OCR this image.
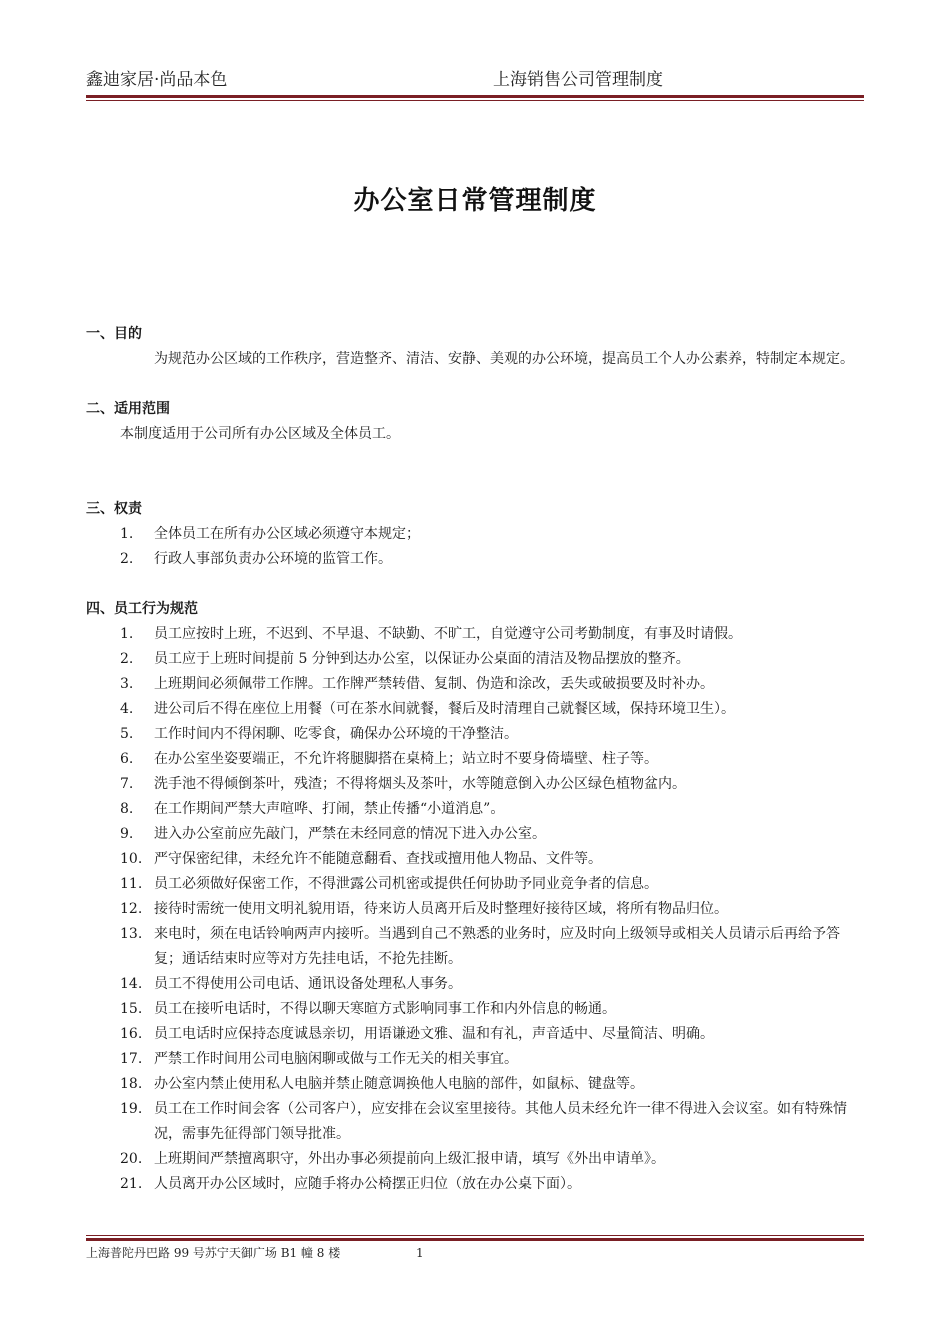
鑫迪家居·尚品本色	上海销售公司管理制度
办公室日常管理制度

一、目的

为规范办公区域的工作秩序，营造整齐、清洁、安静、美观的办公环境，提高员工个人办公素养，特制定本规定。

二、适用范围

本制度适用于公司所有办公区域及全体员工。

三、权责

1.	全体员工在所有办公区域必须遵守本规定；
2.	行政人事部负责办公环境的监管工作。

四、员工行为规范

1.	员工应按时上班，不迟到、不早退、不缺勤、不旷工，自觉遵守公司考勤制度，有事及时请假。
2.	员工应于上班时间提前 5 分钟到达办公室，以保证办公桌面的清洁及物品摆放的整齐。
3.	上班期间必须佩带工作牌。工作牌严禁转借、复制、伪造和涂改，丢失或破损要及时补办。
4.	进公司后不得在座位上用餐（可在茶水间就餐，餐后及时清理自己就餐区域，保持环境卫生）。
5.	工作时间内不得闲聊、吃零食，确保办公环境的干净整洁。
6.	在办公室坐姿要端正，不允许将腿脚搭在桌椅上；站立时不要身倚墙壁、柱子等。
7.	洗手池不得倾倒茶叶，残渣；不得将烟头及茶叶，水等随意倒入办公区绿色植物盆内。
8.	在工作期间严禁大声喧哗、打闹，禁止传播“小道消息”。
9.	进入办公室前应先敲门，严禁在未经同意的情况下进入办公室。
10. 严守保密纪律，未经允许不能随意翻看、查找或擅用他人物品、文件等。
11. 员工必须做好保密工作，不得泄露公司机密或提供任何协助予同业竞争者的信息。
12. 接待时需统一使用文明礼貌用语，待来访人员离开后及时整理好接待区域，将所有物品归位。
13. 来电时，须在电话铃响两声内接听。当遇到自己不熟悉的业务时，应及时向上级领导或相关人员请示后再给予答复；通话结束时应等对方先挂电话，不抢先挂断。
14. 员工不得使用公司电话、通讯设备处理私人事务。
15. 员工在接听电话时，不得以聊天寒暄方式影响同事工作和内外信息的畅通。
16. 员工电话时应保持态度诚恳亲切，用语谦逊文雅、温和有礼，声音适中、尽量简洁、明确。
17. 严禁工作时间用公司电脑闲聊或做与工作无关的相关事宜。
18. 办公室内禁止使用私人电脑并禁止随意调换他人电脑的部件，如鼠标、键盘等。
19. 员工在工作时间会客（公司客户），应安排在会议室里接待。其他人员未经允许一律不得进入会议室。如有特殊情况，需事先征得部门领导批准。
20. 上班期间严禁擅离职守，外出办事必须提前向上级汇报申请，填写《外出申请单》。
21. 人员离开办公区域时，应随手将办公椅摆正归位（放在办公桌下面）。
上海普陀丹巴路 99 号苏宁天御广场 B1 幢 8 楼	1
